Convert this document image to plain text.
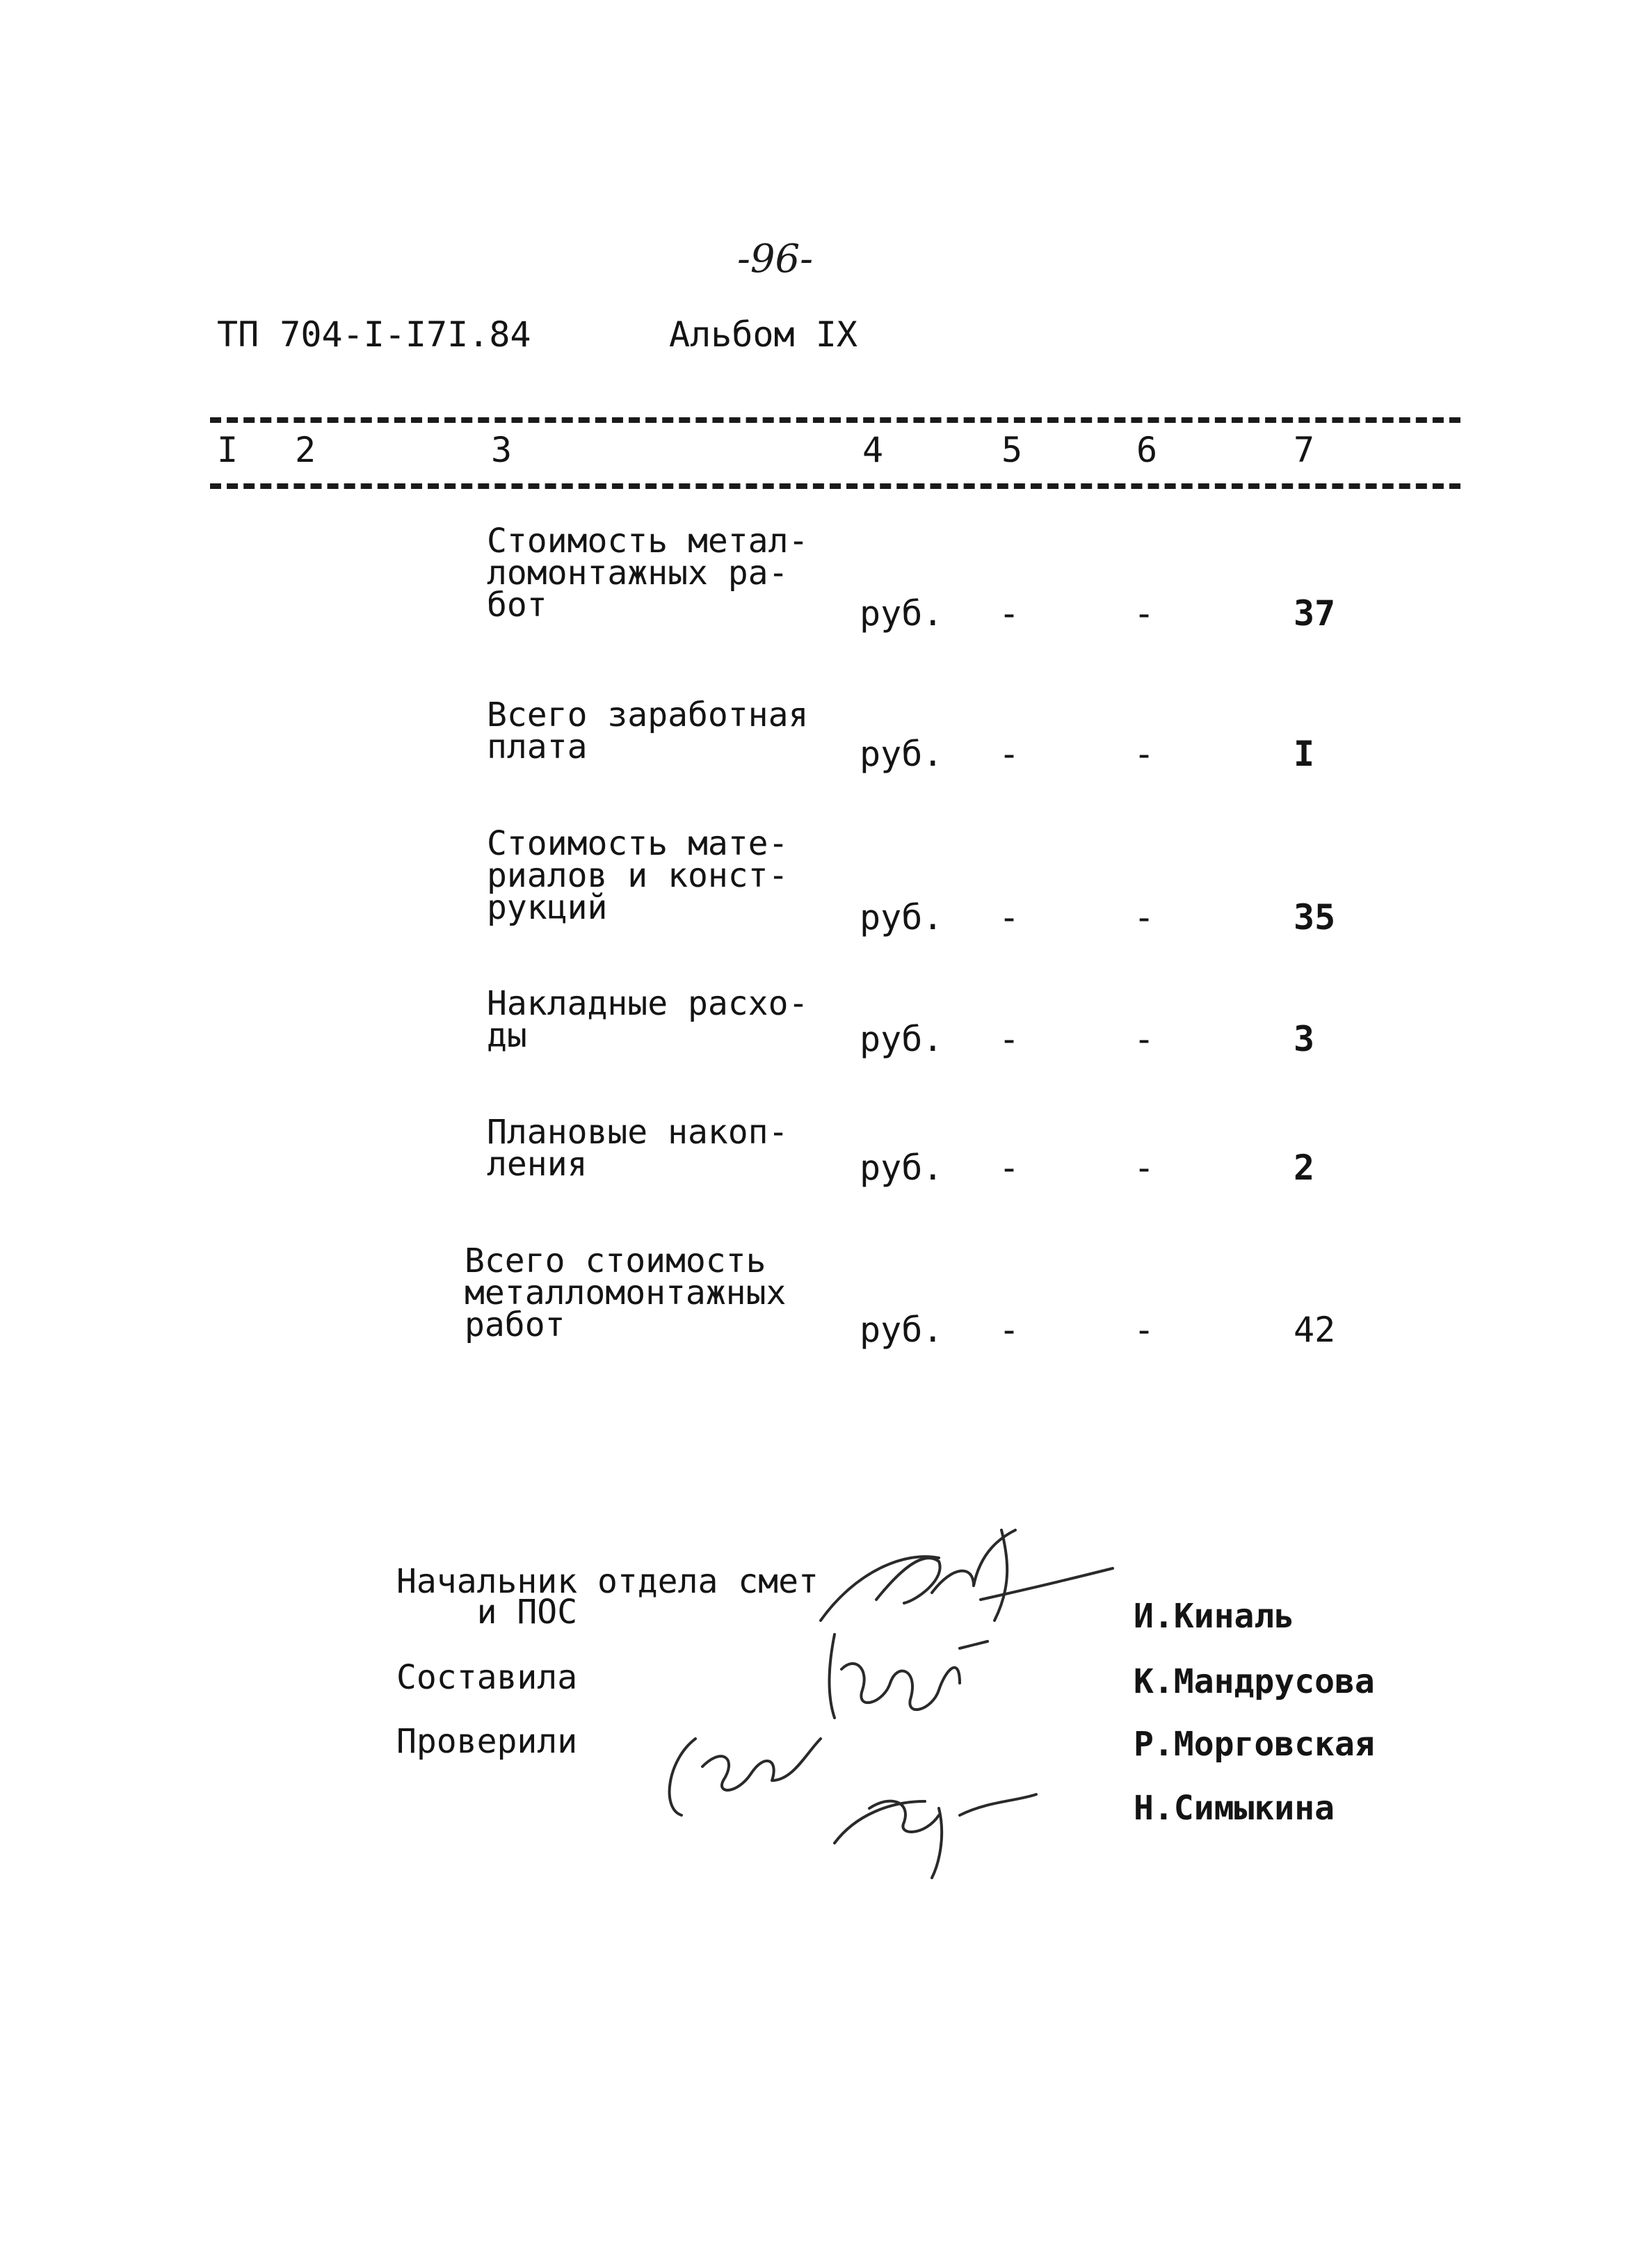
-96-
ТП 704-I-I7I.84	Альбом IX
I 2	3	4	5	6	7
Стоимость метал-
ломонтажных ра-
бот	руб. -	-	37
Всего заработная
плата	руб. -	-	I
Стоимость мате-
риалов и конст-
рукций	руб. -	-	35
Накладные расхо-
ды	руб. -	-	3
Плановые накоп-
ления	руб. -	-	2
Всего стоимость
металломонтажных
работ	руб. -	-	42
Начальник отдела смет
и ПОС	И.Киналь
Составила	К.Мандрусова
Проверили	Р.Морговская
Н.Симыкина
